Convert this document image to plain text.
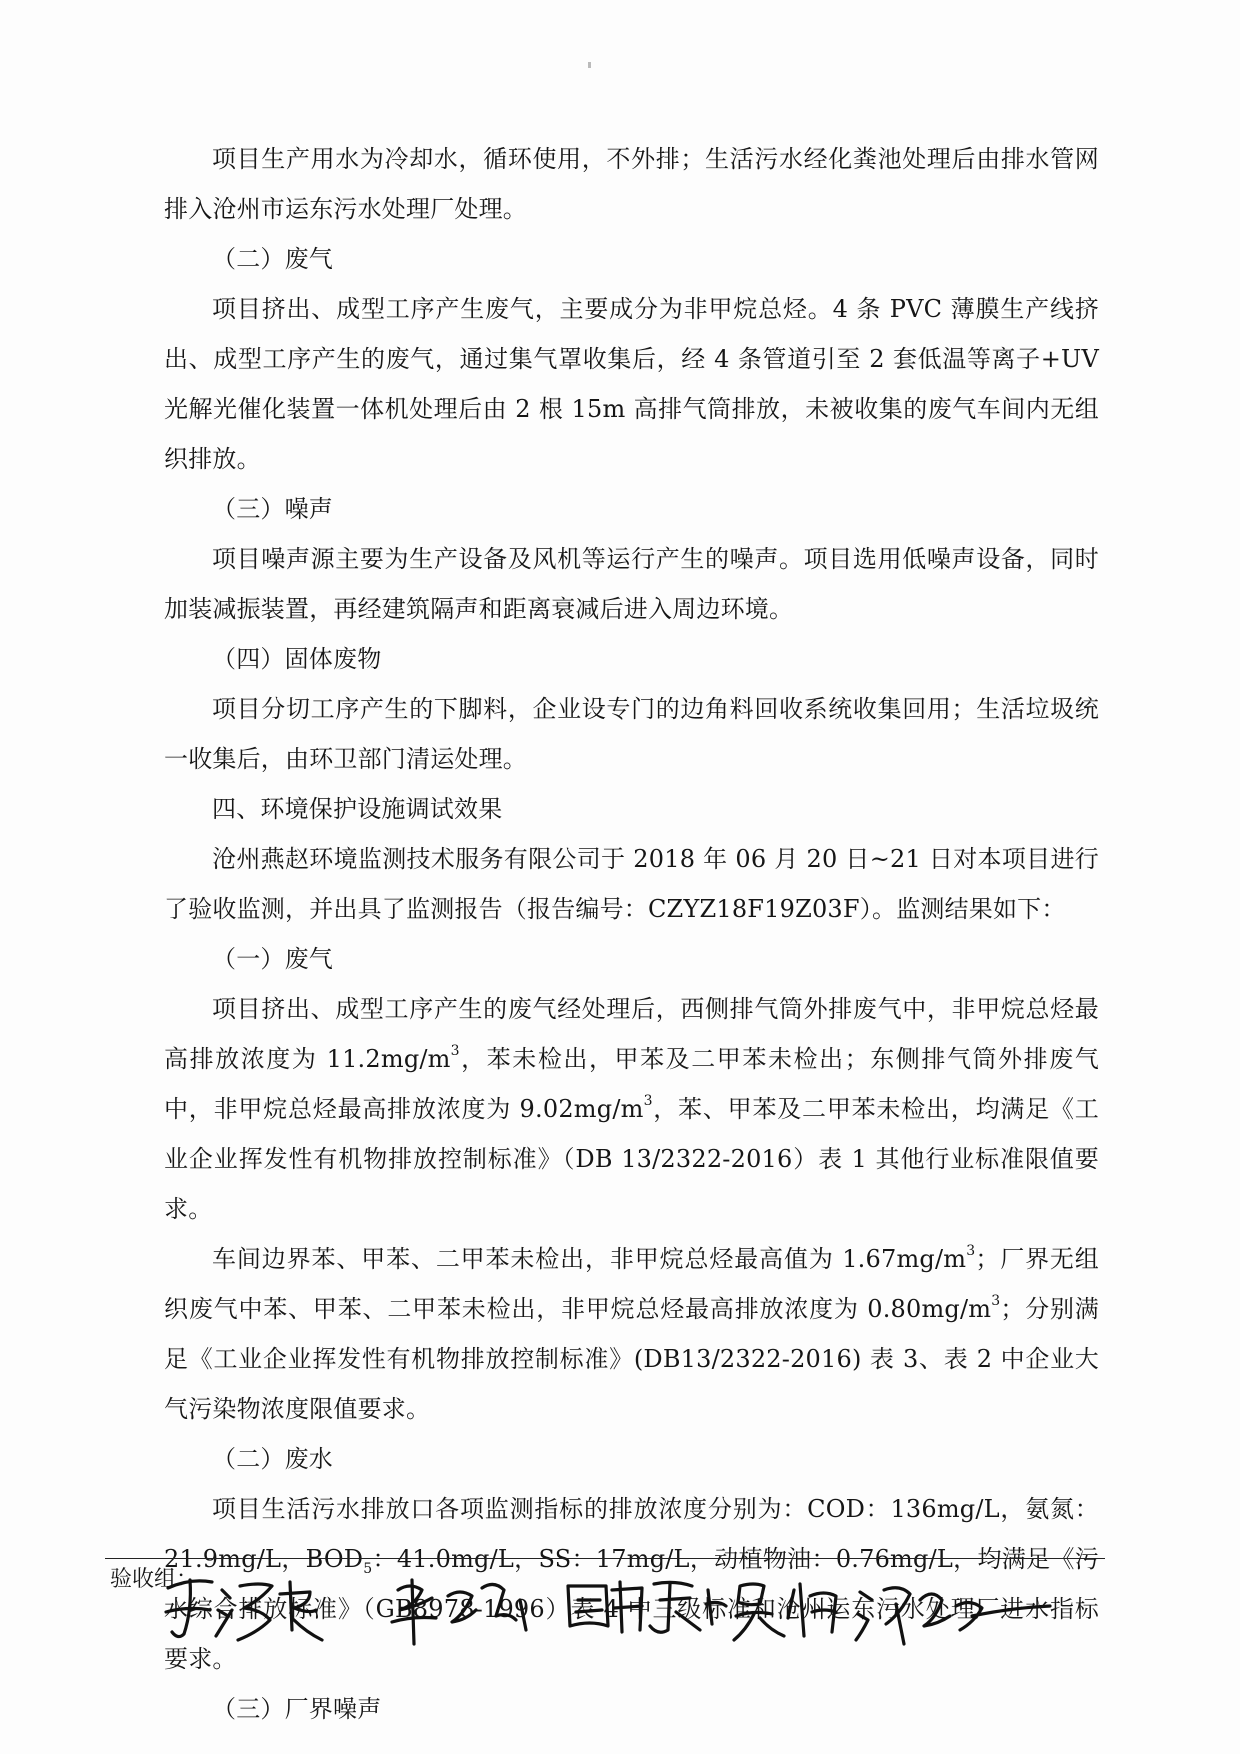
项目生产用水为冷却水，循环使用，不外排；生活污水经化粪池处理后由排水管网排入沧州市运东污水处理厂处理。

（二）废气

项目挤出、成型工序产生废气，主要成分为非甲烷总烃。4 条 PVC 薄膜生产线挤出、成型工序产生的废气，通过集气罩收集后，经 4 条管道引至 2 套低温等离子+UV 光解光催化装置一体机处理后由 2 根 15m 高排气筒排放，未被收集的废气车间内无组织排放。

（三）噪声

项目噪声源主要为生产设备及风机等运行产生的噪声。项目选用低噪声设备，同时加装减振装置，再经建筑隔声和距离衰减后进入周边环境。

（四）固体废物

项目分切工序产生的下脚料，企业设专门的边角料回收系统收集回用；生活垃圾统一收集后，由环卫部门清运处理。

四、环境保护设施调试效果

沧州燕赵环境监测技术服务有限公司于 2018 年 06 月 20 日~21 日对本项目进行了验收监测，并出具了监测报告（报告编号：CZYZ18F19Z03F）。监测结果如下：

（一）废气

项目挤出、成型工序产生的废气经处理后，西侧排气筒外排废气中，非甲烷总烃最高排放浓度为 $11.2mg/m^3$，苯未检出，甲苯及二甲苯未检出；东侧排气筒外排废气中，非甲烷总烃最高排放浓度为 $9.02mg/m^3$，苯、甲苯及二甲苯未检出，均满足《工业企业挥发性有机物排放控制标准》（DB 13/2322-2016）表 1 其他行业标准限值要求。

车间边界苯、甲苯、二甲苯未检出，非甲烷总烃最高值为 $1.67mg/m^3$；厂界无组织废气中苯、甲苯、二甲苯未检出，非甲烷总烃最高排放浓度为 $0.80mg/m^3$；分别满足《工业企业挥发性有机物排放控制标准》(DB13/2322-2016) 表 3、表 2 中企业大气污染物浓度限值要求。

（二）废水

项目生活污水排放口各项监测指标的排放浓度分别为：COD：136mg/L，氨氮：21.9mg/L，$BOD_5$：41.0mg/L，SS：17mg/L，动植物油：0.76mg/L，均满足《污水综合排放标准》（GB8978-1996）表 4 中三级标准和沧州运东污水处理厂进水指标要求。

（三）厂界噪声

验收组：
